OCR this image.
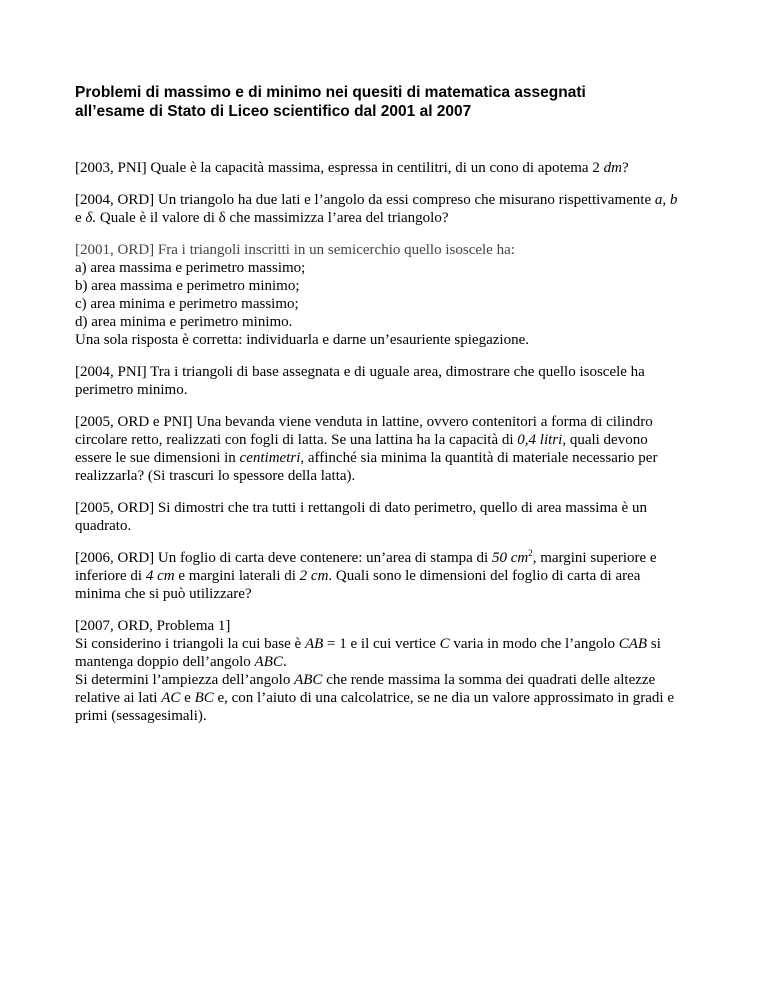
Problemi di massimo e di minimo nei quesiti di matematica assegnati
all’esame di Stato di Liceo scientifico dal 2001 al 2007

[2003, PNI] Quale è la capacità massima, espressa in centilitri, di un cono di apotema 2 dm?

[2004, ORD] Un triangolo ha due lati e l’angolo da essi compreso che misurano rispettivamente a, b
e δ. Quale è il valore di δ che massimizza l’area del triangolo?

[2001, ORD] Fra i triangoli inscritti in un semicerchio quello isoscele ha:
a) area massima e perimetro massimo;
b) area massima e perimetro minimo;
c) area minima e perimetro massimo;
d) area minima e perimetro minimo.
Una sola risposta è corretta: individuarla e darne un’esauriente spiegazione.

[2004, PNI] Tra i triangoli di base assegnata e di uguale area, dimostrare che quello isoscele ha
perimetro minimo.

[2005, ORD e PNI] Una bevanda viene venduta in lattine, ovvero contenitori a forma di cilindro
circolare retto, realizzati con fogli di latta. Se una lattina ha la capacità di 0,4 litri, quali devono
essere le sue dimensioni in centimetri, affinché sia minima la quantità di materiale necessario per
realizzarla? (Si trascuri lo spessore della latta).

[2005, ORD] Si dimostri che tra tutti i rettangoli di dato perimetro, quello di area massima è un
quadrato.

[2006, ORD] Un foglio di carta deve contenere: un’area di stampa di 50 $cm^2$, margini superiore e
inferiore di 4 cm e margini laterali di 2 cm. Quali sono le dimensioni del foglio di carta di area
minima che si può utilizzare?

[2007, ORD, Problema 1]
Si considerino i triangoli la cui base è AB = 1 e il cui vertice C varia in modo che l’angolo CAB si
mantenga doppio dell’angolo ABC.
Si determini l’ampiezza dell’angolo ABC che rende massima la somma dei quadrati delle altezze
relative ai lati AC e BC e, con l’aiuto di una calcolatrice, se ne dia un valore approssimato in gradi e
primi (sessagesimali).
